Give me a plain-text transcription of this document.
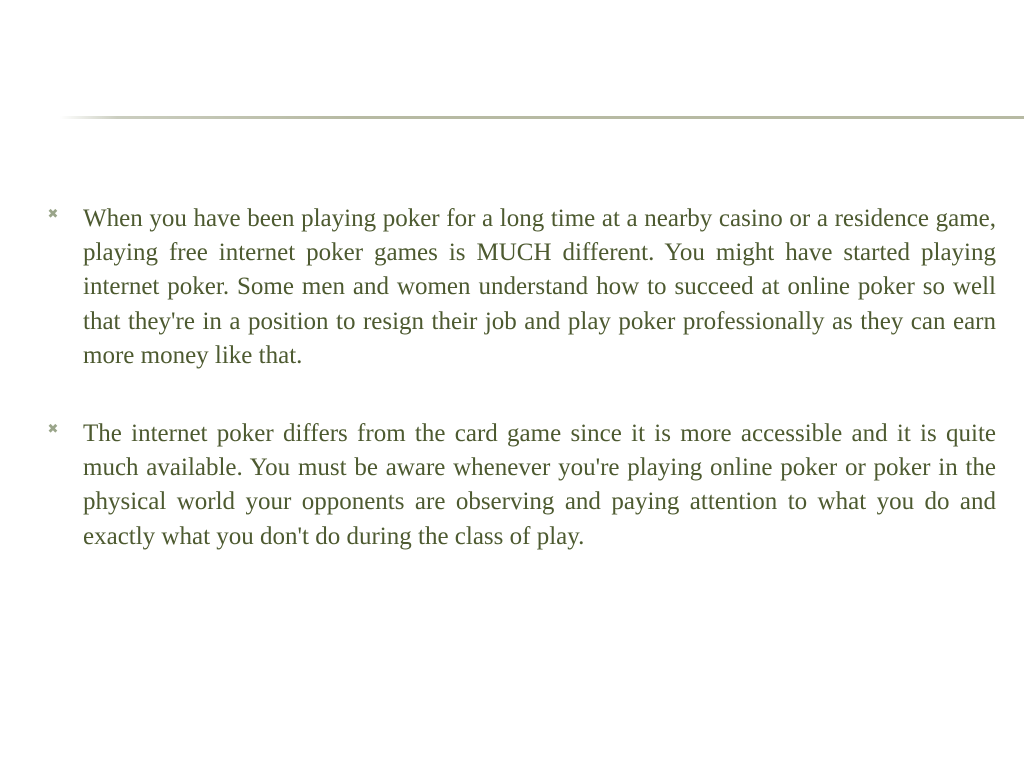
✖ When you have been playing poker for a long time at a nearby casino or a residence game, playing free internet poker games is MUCH different. You might have started playing internet poker. Some men and women understand how to succeed at online poker so well that they're in a position to resign their job and play poker professionally as they can earn more money like that.
✖ The internet poker differs from the card game since it is more accessible and it is quite much available. You must be aware whenever you're playing online poker or poker in the physical world your opponents are observing and paying attention to what you do and exactly what you don't do during the class of play.
